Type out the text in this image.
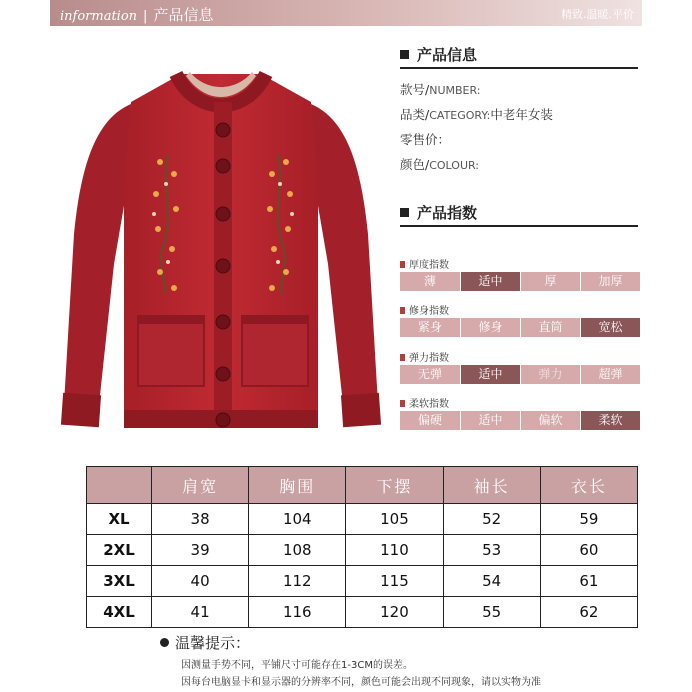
information | 产品信息	精致.温暖.平价
产品信息
款号/NUMBER:
品类/CATEGORY:中老年女装
零售价：
颜色/COLOUR:
产品指数
厚度指数
薄	适中	厚	加厚
修身指数
紧身	修身	直筒	宽松
弹力指数
无弹	适中	弹力	超弹
柔软指数
偏硬	适中	偏软	柔软
	肩宽	胸围	下摆	袖长	衣长
XL	38	104	105	52	59
2XL	39	108	110	53	60
3XL	40	112	115	54	61
4XL	41	116	120	55	62
温馨提示：
因测量手势不同，平铺尺寸可能存在1-3CM的误差。
因每台电脑显卡和显示器的分辨率不同，颜色可能会出现不同现象，请以实物为准
